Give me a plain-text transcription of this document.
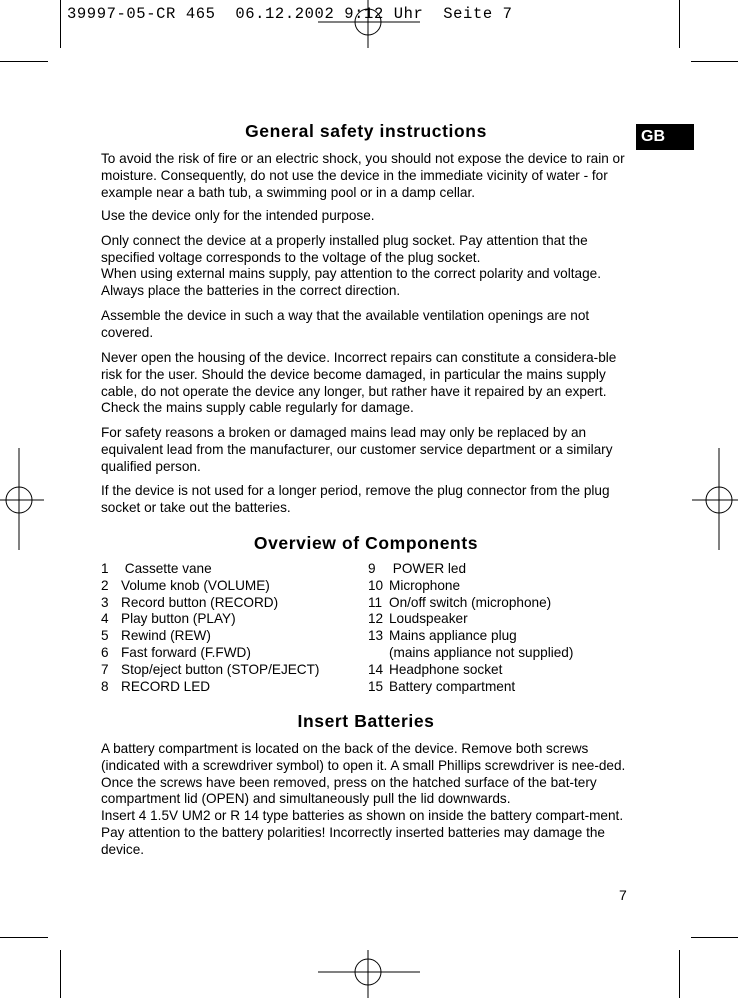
39997-05-CR 465  06.12.2002 9:12 Uhr  Seite 7
GB
General safety instructions

To avoid the risk of fire or an electric shock, you should not expose the device to rain or moisture. Consequently, do not use the device in the immediate vicinity of water - for example near a bath tub, a swimming pool or in a damp cellar.

Use the device only for the intended purpose.

Only connect the device at a properly installed plug socket. Pay attention that the specified voltage corresponds to the voltage of the plug socket.

When using external mains supply, pay attention to the correct polarity and voltage. Always place the batteries in the correct direction.

Assemble the device in such a way that the available ventilation openings are not covered.

Never open the housing of the device. Incorrect repairs can constitute a considera-ble risk for the user. Should the device become damaged, in particular the mains supply cable, do not operate the device any longer, but rather have it repaired by an expert. Check the mains supply cable regularly for damage.

For safety reasons a broken or damaged mains lead may only be replaced by an equivalent lead from the manufacturer, our customer service department or a similary qualified person.

If the device is not used for a longer period, remove the plug connector from the plug socket or take out the batteries.

Overview of Components
1 Cassette vane
2 Volume knob (VOLUME)
3 Record button (RECORD)
4 Play button (PLAY)
5 Rewind (REW)
6 Fast forward (F.FWD)
7 Stop/eject button (STOP/EJECT)
8 RECORD LED
9 POWER led
10 Microphone
11 On/off switch (microphone)
12 Loudspeaker
13 Mains appliance plug
(mains appliance not supplied)
14 Headphone socket
15 Battery compartment
Insert Batteries

A battery compartment is located on the back of the device. Remove both screws (indicated with a screwdriver symbol) to open it. A small Phillips screwdriver is nee-ded. Once the screws have been removed, press on the hatched surface of the bat-tery compartment lid (OPEN) and simultaneously pull the lid downwards.

Insert 4 1.5V UM2 or R 14 type batteries as shown on inside the battery compart-ment. Pay attention to the battery polarities! Incorrectly inserted batteries may damage the device.

7
